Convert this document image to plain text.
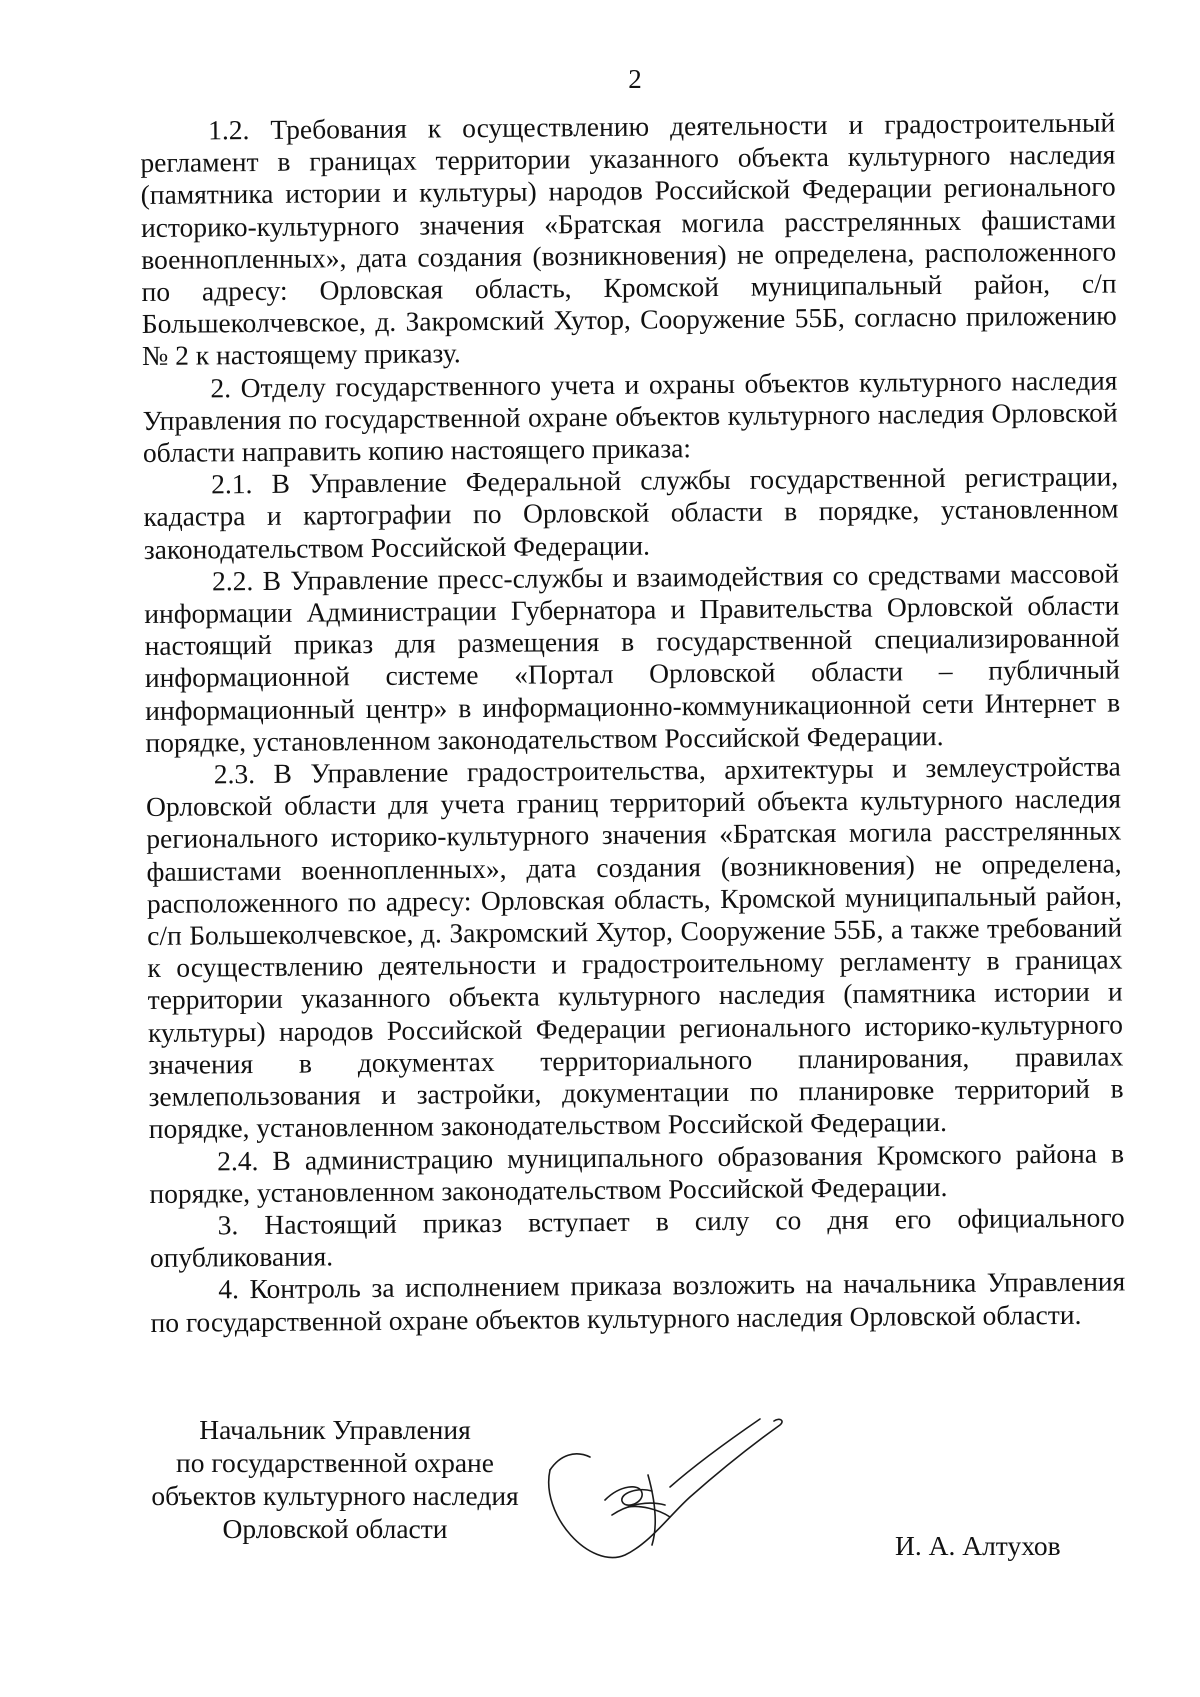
2

1.2. Требования к осуществлению деятельности и градостроительный регламент в границах территории указанного объекта культурного наследия (памятника истории и культуры) народов Российской Федерации регионального историко-культурного значения «Братская могила расстрелянных фашистами военнопленных», дата создания (возникновения) не определена, расположенного по адресу: Орловская область, Кромской муниципальный район, с/п Большеколчевское, д. Закромский Хутор, Сооружение 55Б, согласно приложению № 2 к настоящему приказу.

2. Отделу государственного учета и охраны объектов культурного наследия Управления по государственной охране объектов культурного наследия Орловской области направить копию настоящего приказа:

2.1. В Управление Федеральной службы государственной регистрации, кадастра и картографии по Орловской области в порядке, установленном законодательством Российской Федерации.

2.2. В Управление пресс-службы и взаимодействия со средствами массовой информации Администрации Губернатора и Правительства Орловской области настоящий приказ для размещения в государственной специализированной информационной системе «Портал Орловской области – публичный информационный центр» в информационно-коммуникационной сети Интернет в порядке, установленном законодательством Российской Федерации.

2.3. В Управление градостроительства, архитектуры и землеустройства Орловской области для учета границ территорий объекта культурного наследия регионального историко-культурного значения «Братская могила расстрелянных фашистами военнопленных», дата создания (возникновения) не определена, расположенного по адресу: Орловская область, Кромской муниципальный район, с/п Большеколчевское, д. Закромский Хутор, Сооружение 55Б, а также требований к осуществлению деятельности и градостроительному регламенту в границах территории указанного объекта культурного наследия (памятника истории и культуры) народов Российской Федерации регионального историко-культурного значения в документах территориального планирования, правилах землепользования и застройки, документации по планировке территорий в порядке, установленном законодательством Российской Федерации.

2.4. В администрацию муниципального образования Кромского района в порядке, установленном законодательством Российской Федерации.

3. Настоящий приказ вступает в силу со дня его официального опубликования.

4. Контроль за исполнением приказа возложить на начальника Управления по государственной охране объектов культурного наследия Орловской области.

Начальник Управления
по государственной охране
объектов культурного наследия
Орловской области
И. А. Алтухов
